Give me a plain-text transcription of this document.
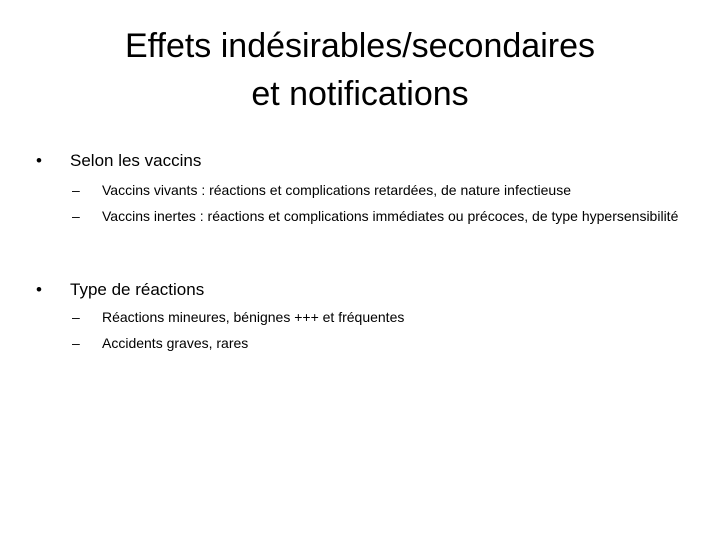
Effets indésirables/secondaires
et notifications
• Selon les vaccins
– Vaccins vivants : réactions et complications retardées, de nature infectieuse
– Vaccins inertes : réactions et complications immédiates ou précoces, de type hypersensibilité
• Type de réactions
– Réactions mineures, bénignes +++ et fréquentes
– Accidents graves, rares
